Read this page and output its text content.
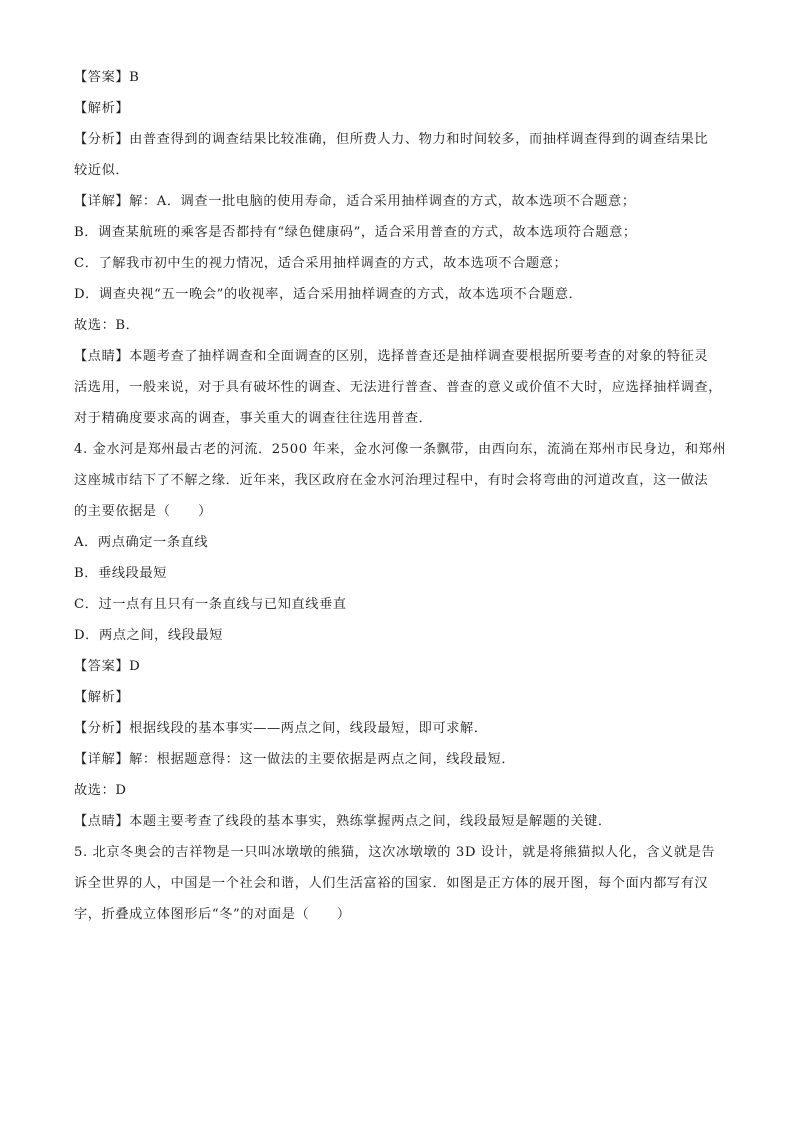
【答案】B
【解析】
【分析】由普查得到的调查结果比较准确，但所费人力、物力和时间较多，而抽样调查得到的调查结果比
较近似．
【详解】解：A．调查一批电脑的使用寿命，适合采用抽样调查的方式，故本选项不合题意；
B．调查某航班的乘客是否都持有“绿色健康码”，适合采用普查的方式，故本选项符合题意；
C．了解我市初中生的视力情况，适合采用抽样调查的方式，故本选项不合题意；
D．调查央视“五一晚会”的收视率，适合采用抽样调查的方式，故本选项不合题意．
故选：B．
【点睛】本题考查了抽样调查和全面调查的区别，选择普查还是抽样调查要根据所要考查的对象的特征灵
活选用，一般来说，对于具有破坏性的调查、无法进行普查、普查的意义或价值不大时，应选择抽样调查，
对于精确度要求高的调查，事关重大的调查往往选用普查．
4. 金水河是郑州最古老的河流．2500 年来，金水河像一条飘带，由西向东，流淌在郑州市民身边，和郑州
这座城市结下了不解之缘．近年来，我区政府在金水河治理过程中，有时会将弯曲的河道改直，这一做法
的主要依据是（　　）
A．两点确定一条直线
B．垂线段最短
C．过一点有且只有一条直线与已知直线垂直
D．两点之间，线段最短
【答案】D
【解析】
【分析】根据线段的基本事实——两点之间，线段最短，即可求解．
【详解】解：根据题意得：这一做法的主要依据是两点之间，线段最短．
故选：D
【点睛】本题主要考查了线段的基本事实，熟练掌握两点之间，线段最短是解题的关键．
5. 北京冬奥会的吉祥物是一只叫冰墩墩的熊猫，这次冰墩墩的 3D 设计，就是将熊猫拟人化，含义就是告
诉全世界的人，中国是一个社会和谐，人们生活富裕的国家．如图是正方体的展开图，每个面内都写有汉
字，折叠成立体图形后“冬”的对面是（　　）
